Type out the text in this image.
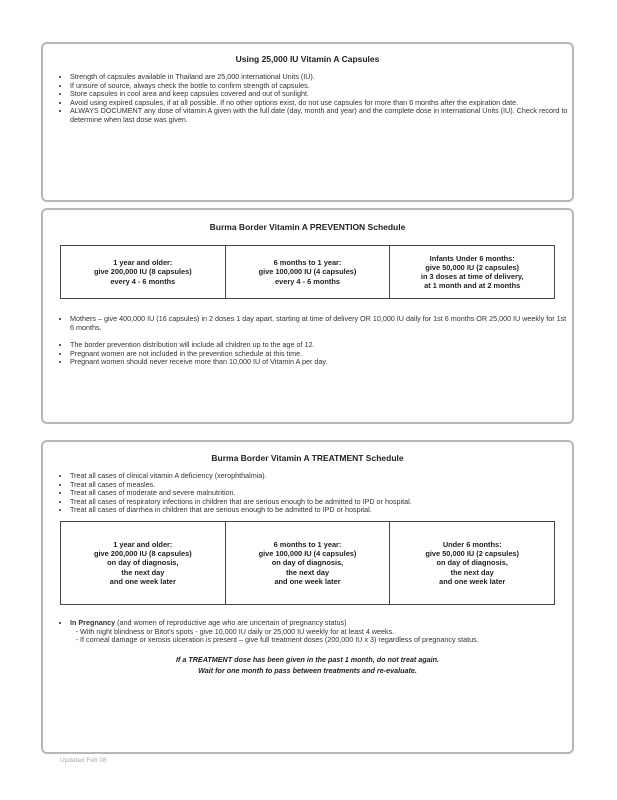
Using 25,000 IU Vitamin A Capsules

• Strength of capsules available in Thailand are 25,000 international Units (IU).
• If unsure of source, always check the bottle to confirm strength of capsules.
• Store capsules in cool area and keep capsules covered and out of sunlight.
• Avoid using expired capsules, if at all possible. If no other options exist, do not use capsules for more than 6 months after the expiration date.
• ALWAYS DOCUMENT any dose of vitamin A given with the full date (day, month and year) and the complete dose in international Units (IU). Check record to determine when last dose was given.

Burma Border Vitamin A PREVENTION Schedule

1 year and older:
give 200,000 IU (8 capsules)
every 4 - 6 months
6 months to 1 year:
give 100,000 IU (4 capsules)
every 4 - 6 months
Infants Under 6 months:
give 50,000 IU (2 capsules)
in 3 doses at time of delivery,
at 1 month and at 2 months
• Mothers – give 400,000 IU (16 capsules) in 2 doses 1 day apart, starting at time of delivery OR 10,000 IU daily for 1st 6 months OR 25,000 IU weekly for 1st 6 months.
• The border prevention distribution will include all children up to the age of 12.
• Pregnant women are not included in the prevention schedule at this time.
• Pregnant women should never receive more than 10,000 IU of Vitamin A per day.

Burma Border Vitamin A TREATMENT Schedule

• Treat all cases of clinical vitamin A deficiency (xerophthalmia).
• Treat all cases of measles.
• Treat all cases of moderate and severe malnutrition.
• Treat all cases of respiratory infections in children that are serious enough to be admitted to IPD or hospital.
• Treat all cases of diarrhea in children that are serious enough to be admitted to IPD or hospital.
1 year and older:
give 200,000 IU (8 capsules)
on day of diagnosis,
the next day
and one week later
6 months to 1 year:
give 100,000 IU (4 capsules)
on day of diagnosis,
the next day
and one week later
Under 6 months:
give 50,000 IU (2 capsules)
on day of diagnosis,
the next day
and one week later
• In Pregnancy (and women of reproductive age who are uncertain of pregnancy status)
- With night blindness or Bitot's spots - give 10,000 IU daily or 25,000 IU weekly for at least 4 weeks.
- If corneal damage or xerosis ulceration is present – give full treatment doses (200,000 IU x 3) regardless of pregnancy status.

If a TREATMENT dose has been given in the past 1 month, do not treat again.

Wait for one month to pass between treatments and re-evaluate.

Updated Feb 08
